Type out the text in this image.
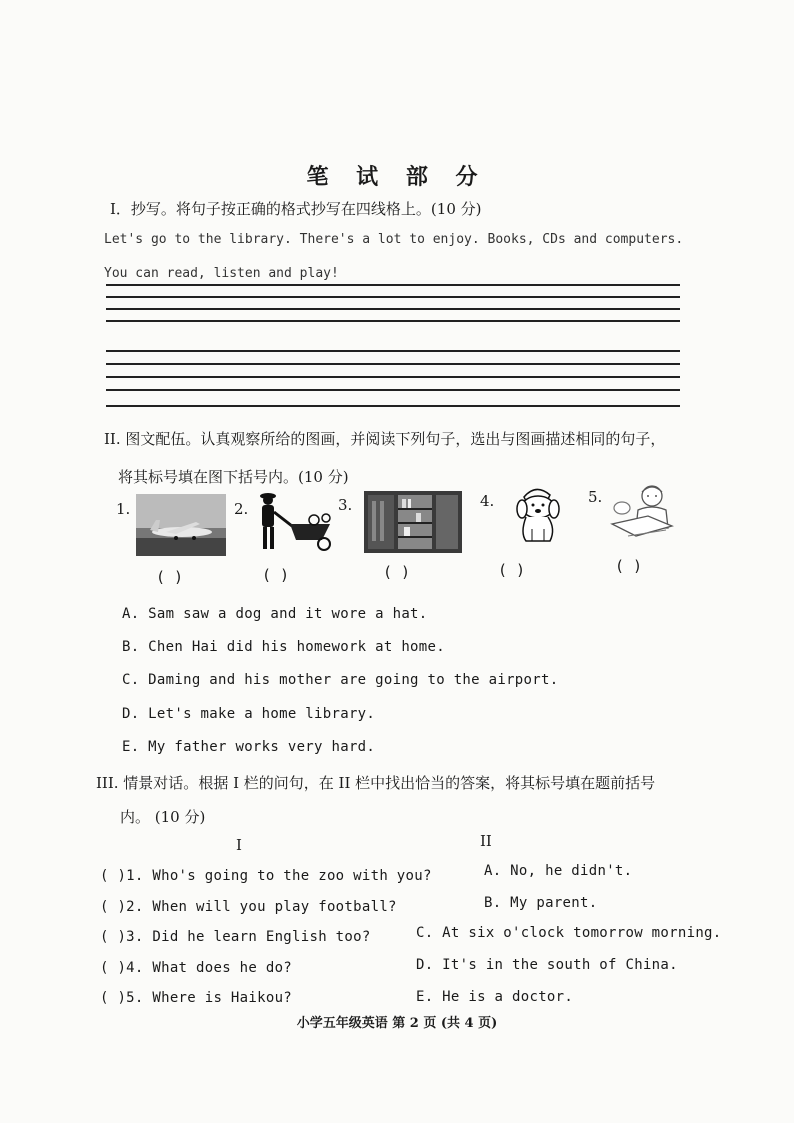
笔 试 部 分
I．抄写。将句子按正确的格式抄写在四线格上。(10 分)
Let's go to the library. There's a lot to enjoy. Books, CDs and computers.
You can read, listen and play!
II. 图文配伍。认真观察所给的图画，并阅读下列句子，选出与图画描述相同的句子，
将其标号填在图下括号内。(10 分)
1.	2.	3.	4.	5.
( )	( )	( )	( )	( )
A. Sam saw a dog and it wore a hat.
B. Chen Hai did his homework at home.
C. Daming and his mother are going to the airport.
D. Let's make a home library.
E. My father works very hard.
III. 情景对话。根据 I 栏的问句，在 II 栏中找出恰当的答案，将其标号填在题前括号
内。 (10 分)
I	II
( )1. Who's going to the zoo with you?
( )2. When will you play football?
( )3. Did he learn English too?
( )4. What does he do?
( )5. Where is Haikou?
A. No, he didn't.
B. My parent.
C. At six o'clock tomorrow morning.
D. It's in the south of China.
E. He is a doctor.
小学五年级英语 第 2 页 (共 4 页)
